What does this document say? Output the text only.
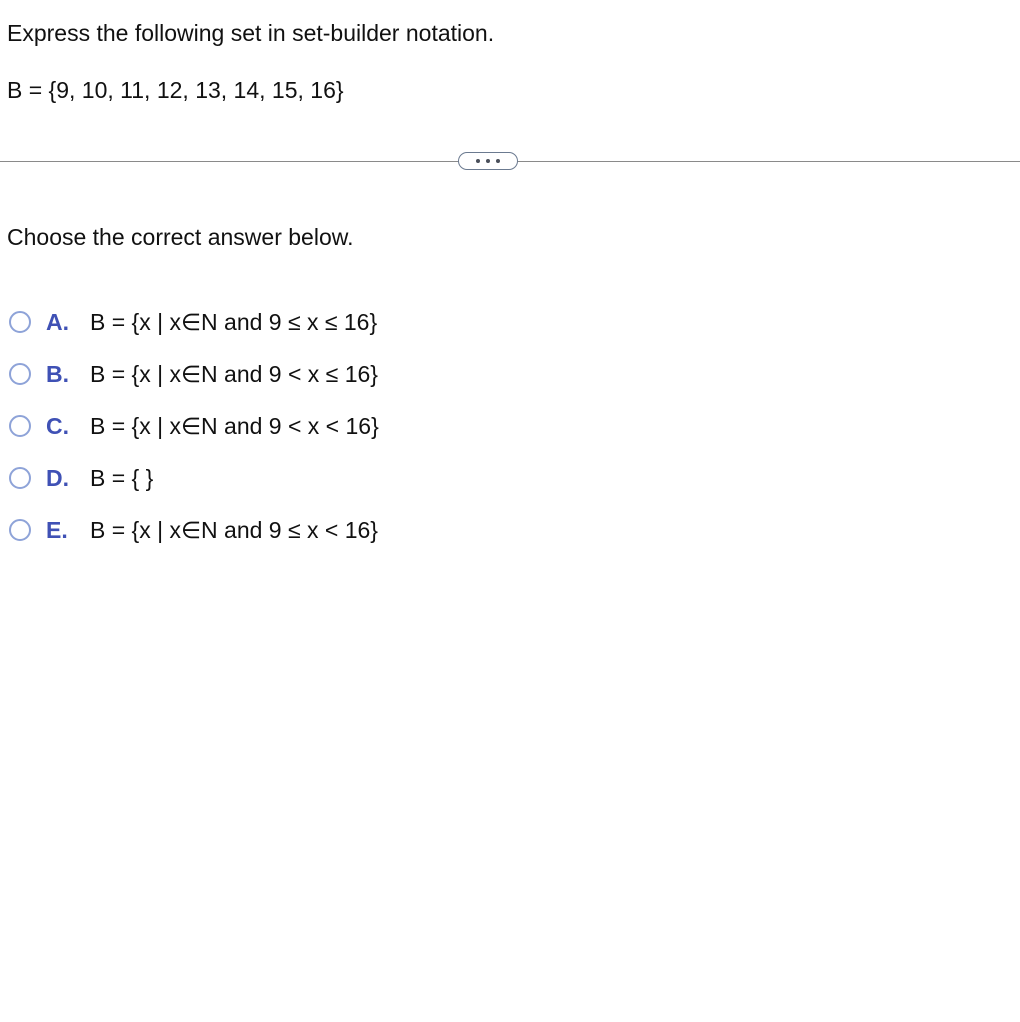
Express the following set in set-builder notation.
B = {9, 10, 11, 12, 13, 14, 15, 16}
Choose the correct answer below.
A. B = {x | x∈N and 9 ≤ x ≤ 16}
B. B = {x | x∈N and 9 < x ≤ 16}
C. B = {x | x∈N and 9 < x < 16}
D. B = { }
E. B = {x | x∈N and 9 ≤ x < 16}
